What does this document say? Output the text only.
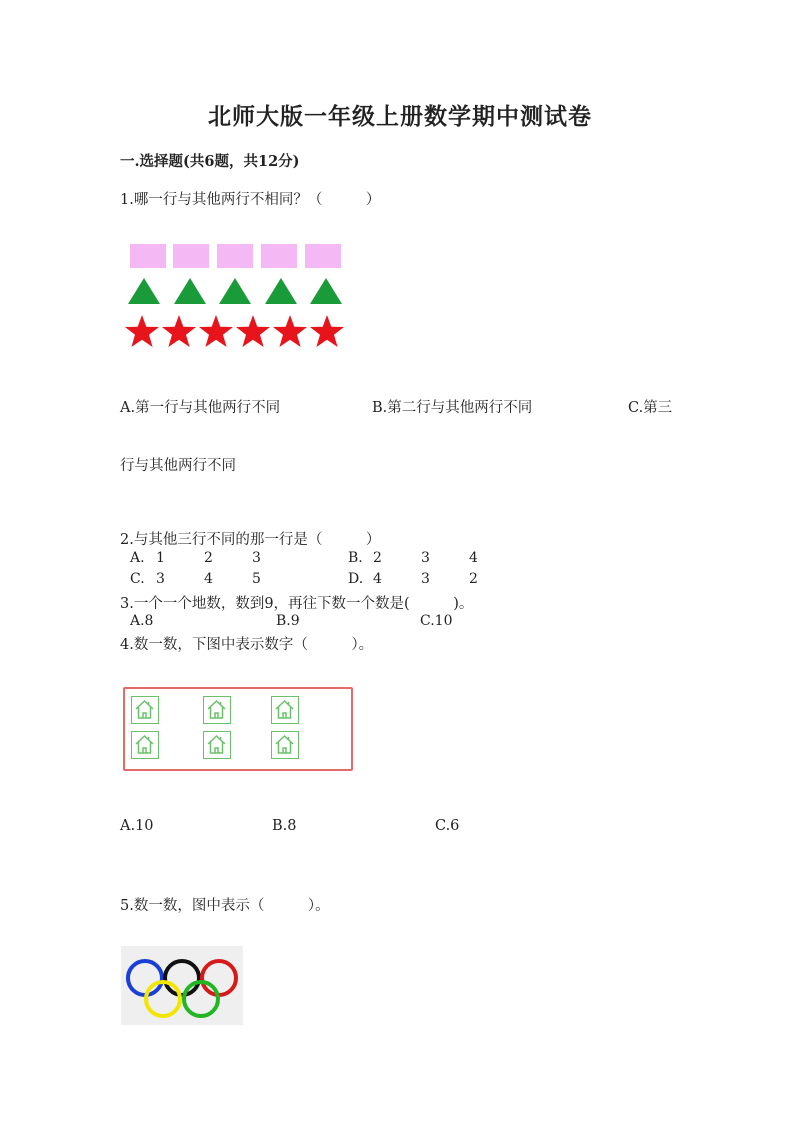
北师大版一年级上册数学期中测试卷
一.选择题(共6题，共12分)
1.哪一行与其他两行不相同？（　　　）
A.第一行与其他两行不同	B.第二行与其他两行不同	C.第三
行与其他两行不同
2.与其他三行不同的那一行是（　　　）
A. 1	2	3	B. 2	3	4
C. 3	4	5	D. 4	3	2
3.一个一个地数，数到9，再往下数一个数是(　　　)。
A.8	B.9	C.10
4.数一数，下图中表示数字（　　　）。
A.10	B.8	C.6
5.数一数，图中表示（　　　）。
